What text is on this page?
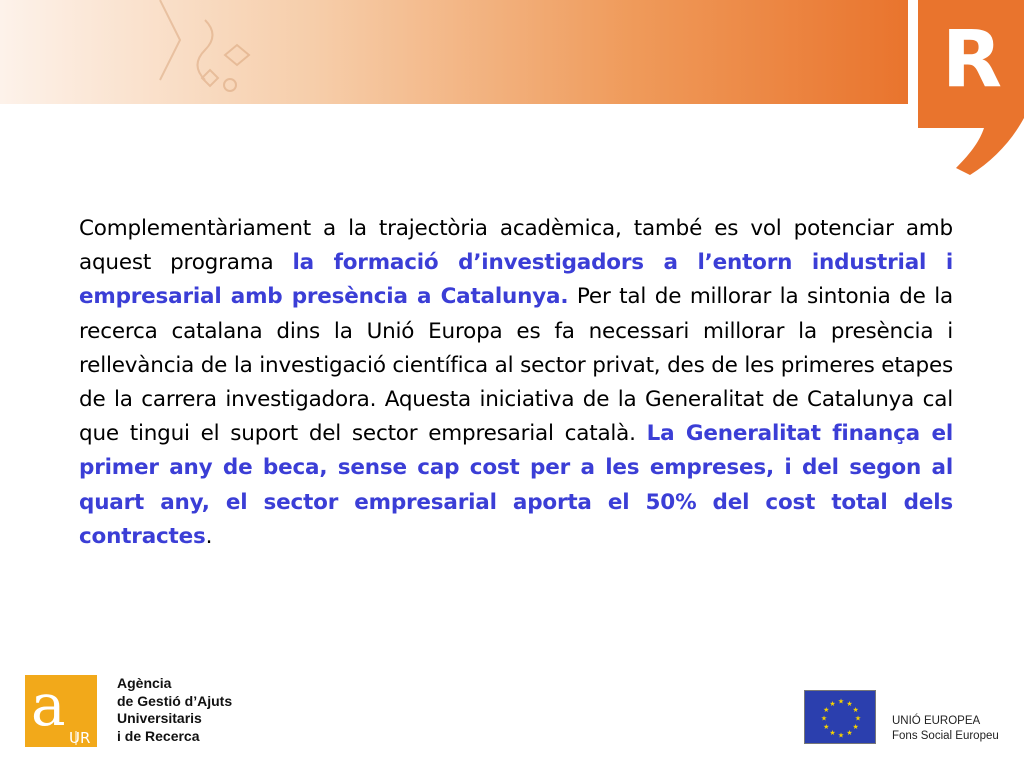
R
Complementàriament a la trajectòria acadèmica, també es vol potenciar amb aquest programa la formació d’investigadors a l’entorn industrial i empresarial amb presència a Catalunya. Per tal de millorar la sintonia de la recerca catalana dins la Unió Europa es fa necessari millorar la presència i rellevància de la investigació científica al sector privat, des de les primeres etapes de la carrera investigadora. Aquesta iniciativa de la Generalitat de Catalunya cal que tingui el suport del sector empresarial català. La Generalitat finança el primer any de beca, sense cap cost per a les empreses, i del segon al quart any, el sector empresarial aporta el 50% del cost total dels contractes.
a UR
Agència
de Gestió d’Ajuts
Universitaris
i de Recerca
★ ★
★
★
★
★
★
★
★
★
★
★
UNIÓ EUROPEA
Fons Social Europeu
